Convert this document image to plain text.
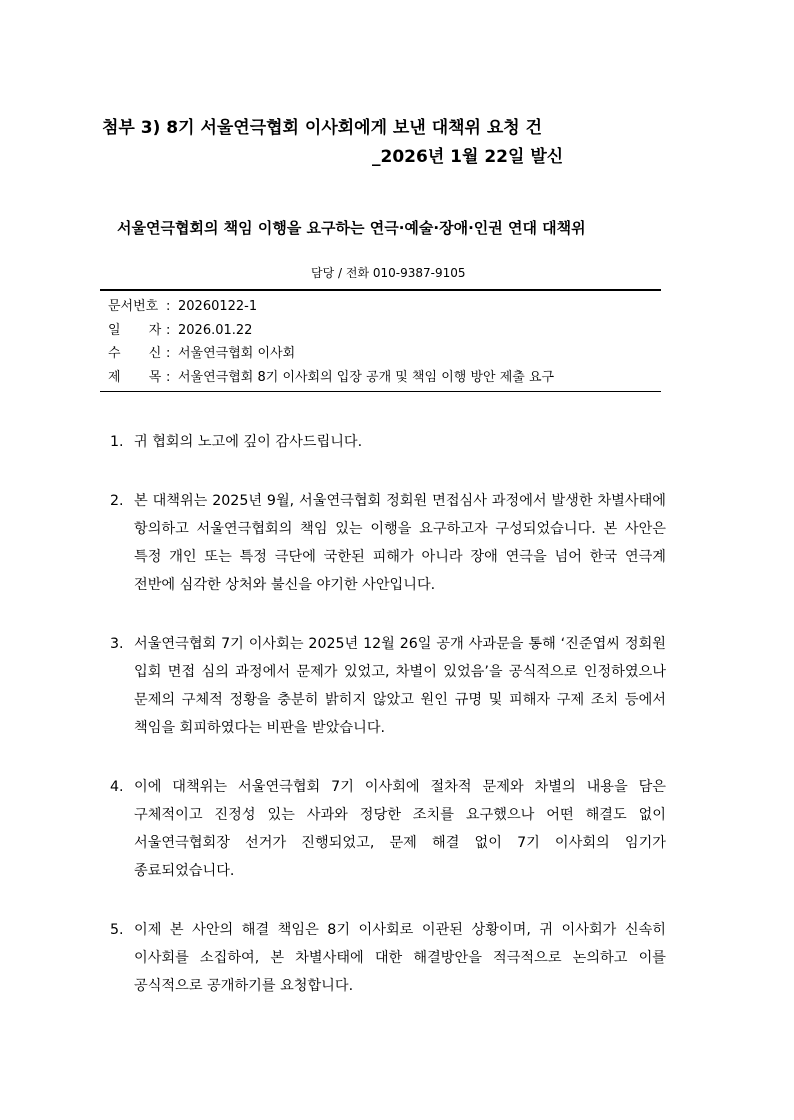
첨부 3) 8기 서울연극협회 이사회에게 보낸 대책위 요청 건
_2026년 1월 22일 발신
서울연극협회의 책임 이행을 요구하는 연극·예술·장애·인권 연대 대책위
담당 / 전화 010-9387-9105
문서번호 : 20260122-1
일 자 : 2026.01.22
수 신 : 서울연극협회 이사회
제 목 : 서울연극협회 8기 이사회의 입장 공개 및 책임 이행 방안 제출 요구
1. 귀 협회의 노고에 깊이 감사드립니다.
2. 본 대책위는 2025년 9월, 서울연극협회 정회원 면접심사 과정에서 발생한 차별사태에 항의하고 서울연극협회의 책임 있는 이행을 요구하고자 구성되었습니다. 본 사안은 특정 개인 또는 특정 극단에 국한된 피해가 아니라 장애 연극을 넘어 한국 연극계 전반에 심각한 상처와 불신을 야기한 사안입니다.
3. 서울연극협회 7기 이사회는 2025년 12월 26일 공개 사과문을 통해 ‘진준엽씨 정회원 입회 면접 심의 과정에서 문제가 있었고, 차별이 있었음’을 공식적으로 인정하였으나 문제의 구체적 정황을 충분히 밝히지 않았고 원인 규명 및 피해자 구제 조치 등에서 책임을 회피하였다는 비판을 받았습니다.
4. 이에 대책위는 서울연극협회 7기 이사회에 절차적 문제와 차별의 내용을 담은 구체적이고 진정성 있는 사과와 정당한 조치를 요구했으나 어떤 해결도 없이 서울연극협회장 선거가 진행되었고, 문제 해결 없이 7기 이사회의 임기가 종료되었습니다.
5. 이제 본 사안의 해결 책임은 8기 이사회로 이관된 상황이며, 귀 이사회가 신속히 이사회를 소집하여, 본 차별사태에 대한 해결방안을 적극적으로 논의하고 이를 공식적으로 공개하기를 요청합니다.
